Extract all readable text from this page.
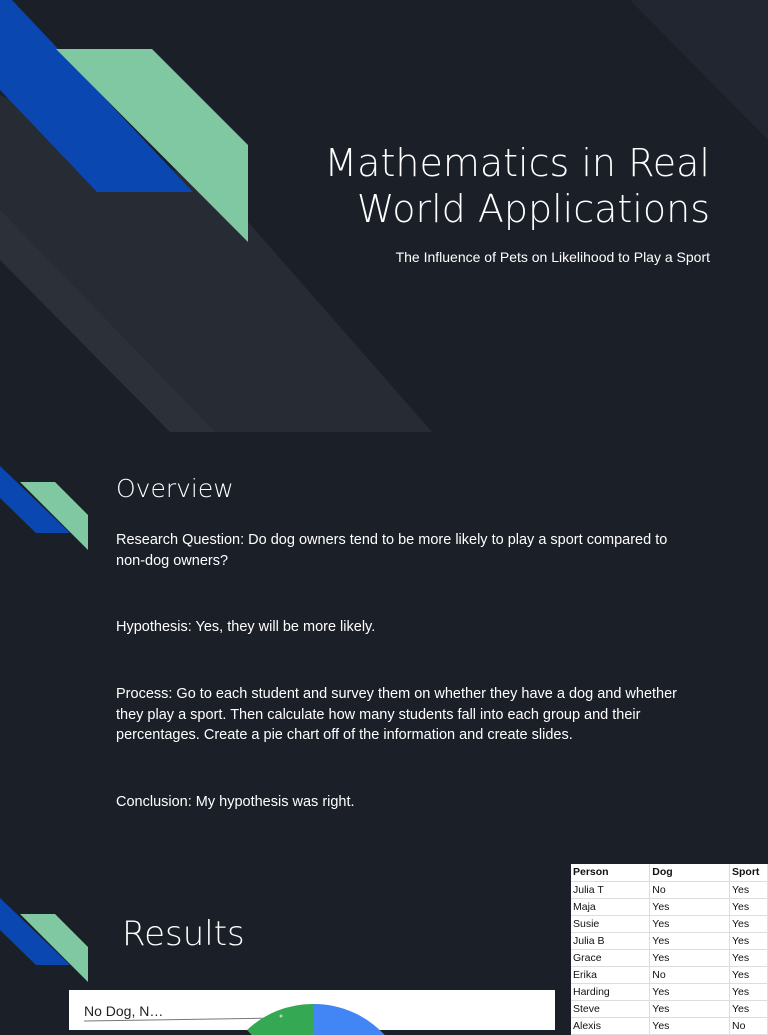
Mathematics in Real
World Applications
The Influence of Pets on Likelihood to Play a Sport
Overview
Research Question: Do dog owners tend to be more likely to play a sport compared to non-dog owners?
Hypothesis: Yes, they will be more likely.
Process: Go to each student and survey them on whether they have a dog and whether they play a sport. Then calculate how many students fall into each group and their percentages. Create a pie chart off of the information and create slides.
Conclusion: My hypothesis was right.
Results
No Dog, N…
Person	Dog	Sport
Julia T	No	Yes
Maja	Yes	Yes
Susie	Yes	Yes
Julia B	Yes	Yes
Grace	Yes	Yes
Erika	No	Yes
Harding	Yes	Yes
Steve	Yes	Yes
Alexis	Yes	No
